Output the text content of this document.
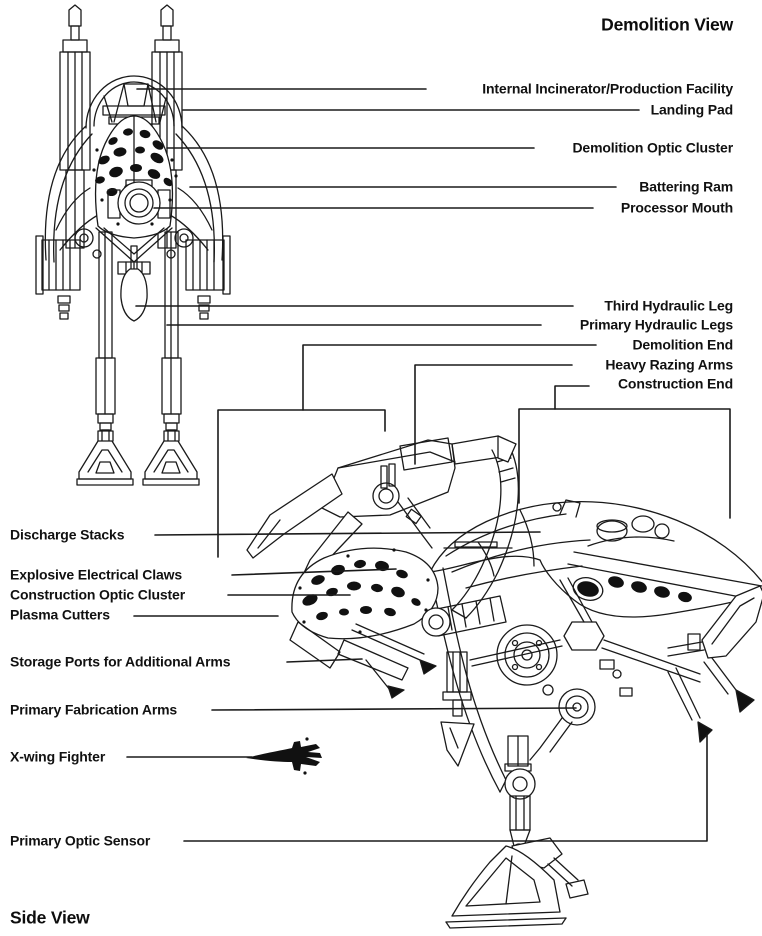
Demolition View
Side View
Internal Incinerator/Production Facility
Landing Pad
Demolition Optic Cluster
Battering Ram
Processor Mouth
Third Hydraulic Leg
Primary Hydraulic Legs
Demolition End
Heavy Razing Arms
Construction End
Discharge Stacks
Explosive Electrical Claws
Construction Optic Cluster
Plasma Cutters
Storage Ports for Additional Arms
Primary Fabrication Arms
X-wing Fighter
Primary Optic Sensor
